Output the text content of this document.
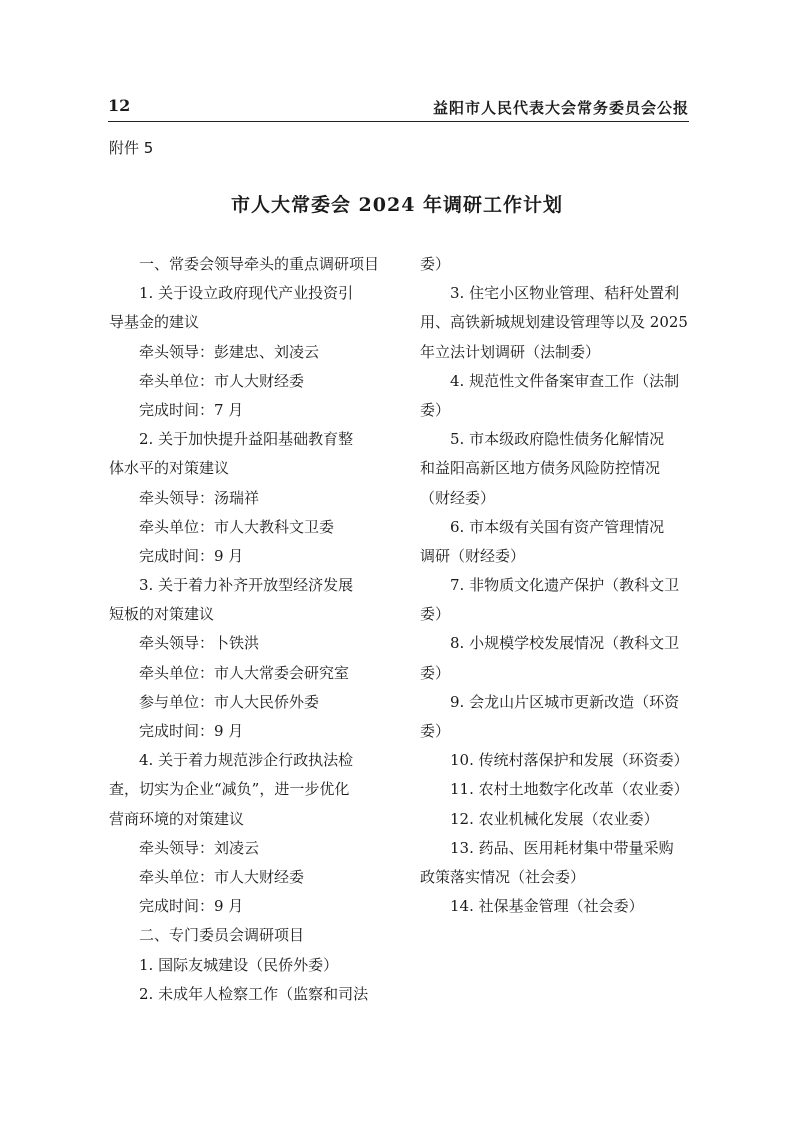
12	益阳市人民代表大会常务委员会公报
附件 5
市人大常委会 2024 年调研工作计划
一、常委会领导牵头的重点调研项目
1. 关于设立政府现代产业投资引
导基金的建议
牵头领导：彭建忠、刘凌云
牵头单位：市人大财经委
完成时间：7 月
2. 关于加快提升益阳基础教育整
体水平的对策建议
牵头领导：汤瑞祥
牵头单位：市人大教科文卫委
完成时间：9 月
3. 关于着力补齐开放型经济发展
短板的对策建议
牵头领导：卜铁洪
牵头单位：市人大常委会研究室
参与单位：市人大民侨外委
完成时间：9 月
4. 关于着力规范涉企行政执法检
查，切实为企业“减负”，进一步优化
营商环境的对策建议
牵头领导：刘凌云
牵头单位：市人大财经委
完成时间：9 月
二、专门委员会调研项目
1. 国际友城建设（民侨外委）
2. 未成年人检察工作（监察和司法
委）
3. 住宅小区物业管理、秸秆处置利
用、高铁新城规划建设管理等以及 2025
年立法计划调研（法制委）
4. 规范性文件备案审查工作（法制
委）
5. 市本级政府隐性债务化解情况
和益阳高新区地方债务风险防控情况
（财经委）
6. 市本级有关国有资产管理情况
调研（财经委）
7. 非物质文化遗产保护（教科文卫
委）
8. 小规模学校发展情况（教科文卫
委）
9. 会龙山片区城市更新改造（环资
委）
10. 传统村落保护和发展（环资委）
11. 农村土地数字化改革（农业委）
12. 农业机械化发展（农业委）
13. 药品、医用耗材集中带量采购
政策落实情况（社会委）
14. 社保基金管理（社会委）
